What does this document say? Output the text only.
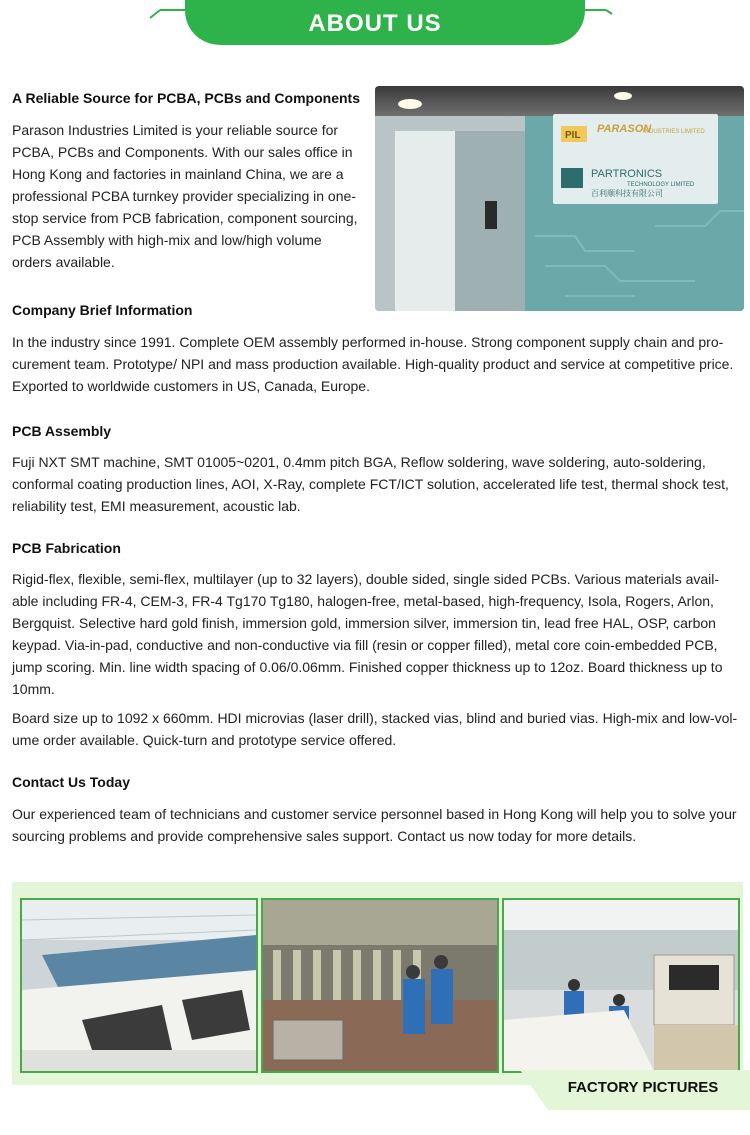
ABOUT US
A Reliable Source for PCBA, PCBs and Components
Parason Industries Limited is your reliable source for PCBA, PCBs and Components. With our sales office in Hong Kong and factories in mainland China, we are a professional PCBA turnkey provider specializing in one-stop service from PCB fabrication, component sourcing, PCB Assembly with high-mix and low/high volume orders available.
PIL
PARASON
INDUSTRIES LIMITED
PARTRONICS
TECHNOLOGY LIMITED
百利顺科技有限公司
Company Brief Information
In the industry since 1991. Complete OEM assembly performed in-house. Strong component supply chain and pro-curement team. Prototype/ NPI and mass production available. High-quality product and service at competitive price. Exported to worldwide customers in US, Canada, Europe.
PCB Assembly
Fuji NXT SMT machine, SMT 01005~0201, 0.4mm pitch BGA, Reflow soldering, wave soldering, auto-soldering, conformal coating production lines, AOI, X-Ray, complete FCT/ICT solution, accelerated life test, thermal shock test, reliability test, EMI measurement, acoustic lab.
PCB Fabrication
Rigid-flex, flexible, semi-flex, multilayer (up to 32 layers), double sided, single sided PCBs. Various materials avail-able including FR-4, CEM-3, FR-4 Tg170 Tg180, halogen-free, metal-based, high-frequency, Isola, Rogers, Arlon, Bergquist. Selective hard gold finish, immersion gold, immersion silver, immersion tin, lead free HAL, OSP, carbon keypad. Via-in-pad, conductive and non-conductive via fill (resin or copper filled), metal core coin-embedded PCB, jump scoring. Min. line width spacing of 0.06/0.06mm. Finished copper thickness up to 12oz. Board thickness up to 10mm.
Board size up to 1092 x 660mm. HDI microvias (laser drill), stacked vias, blind and buried vias. High-mix and low-vol-ume order available. Quick-turn and prototype service offered.
Contact Us Today
Our experienced team of technicians and customer service personnel based in Hong Kong will help you to solve your sourcing problems and provide comprehensive sales support. Contact us now today for more details.
FACTORY PICTURES
